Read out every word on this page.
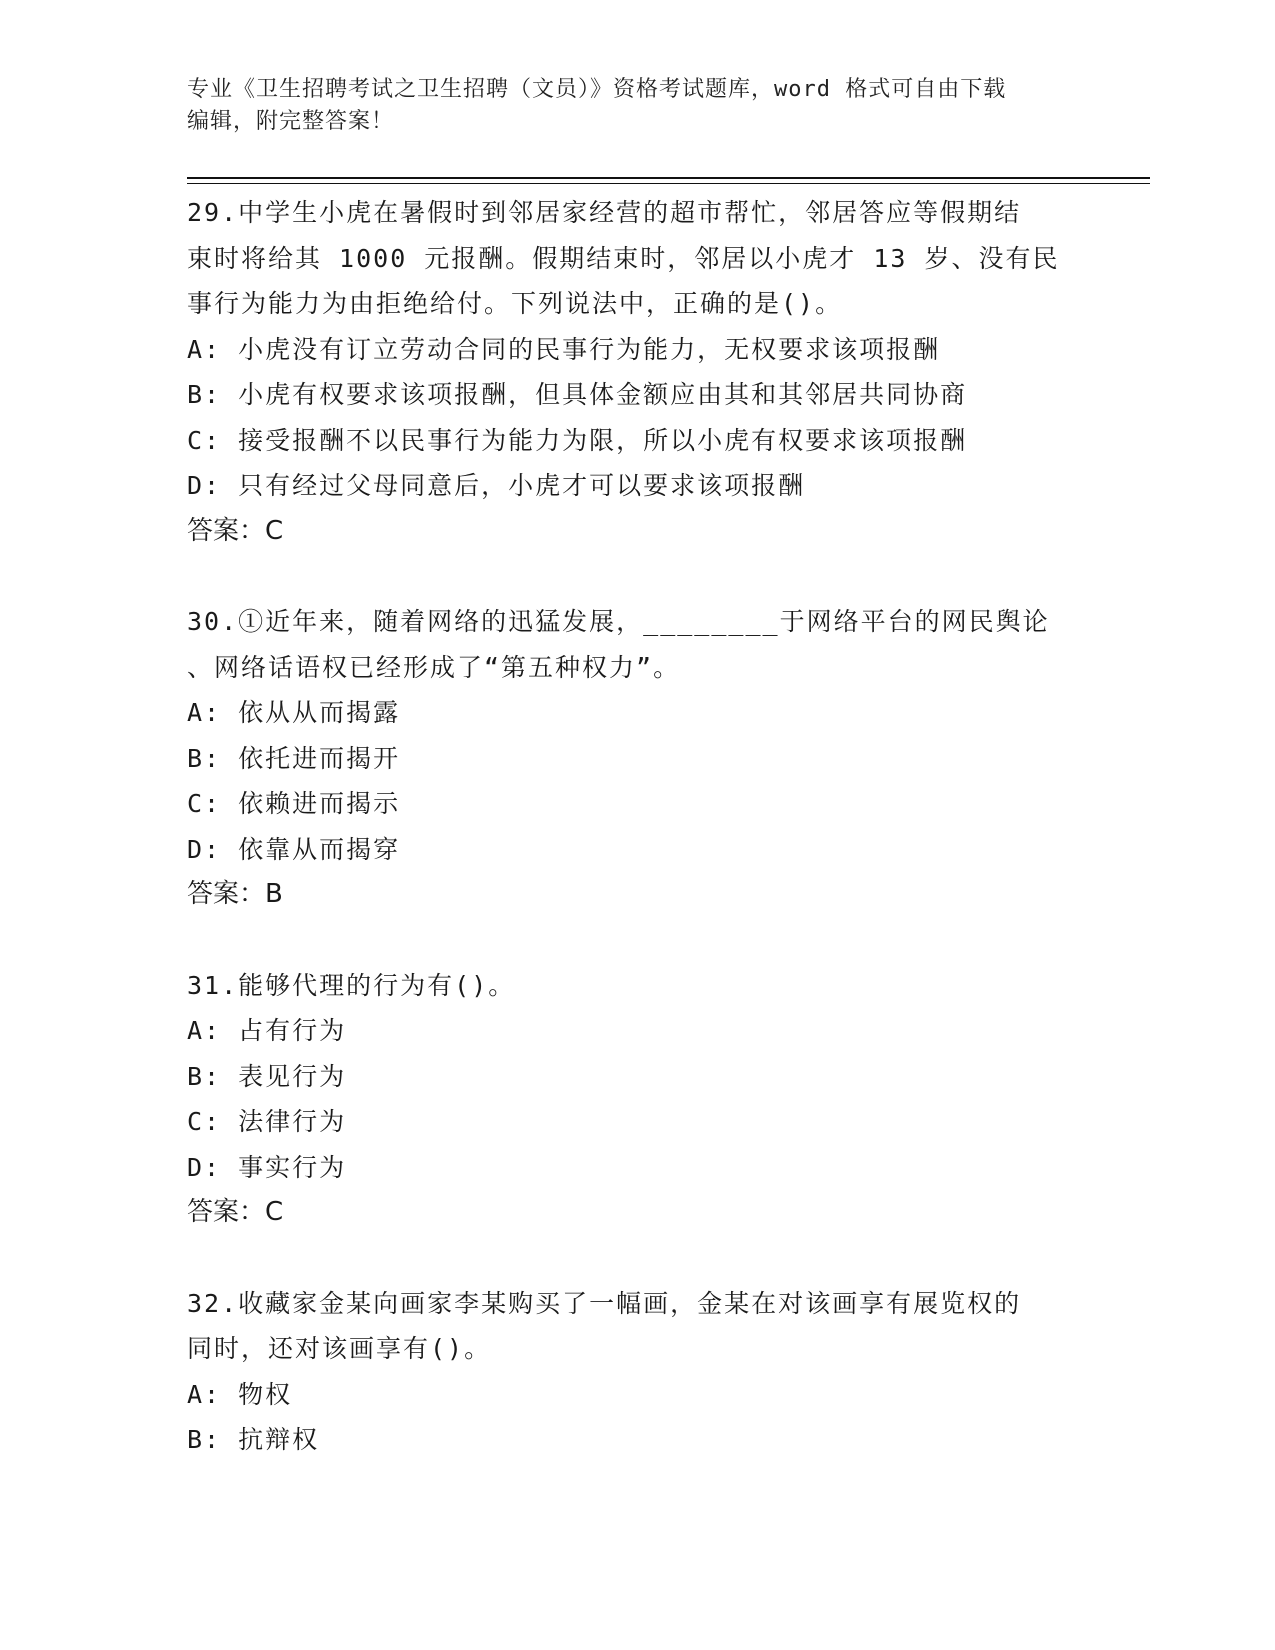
专业《卫生招聘考试之卫生招聘（文员）》资格考试题库，word 格式可自由下载
编辑，附完整答案！

29.中学生小虎在暑假时到邻居家经营的超市帮忙，邻居答应等假期结

束时将给其 1000 元报酬。假期结束时，邻居以小虎才 13 岁、没有民

事行为能力为由拒绝给付。下列说法中，正确的是()。

A: 小虎没有订立劳动合同的民事行为能力，无权要求该项报酬

B: 小虎有权要求该项报酬，但具体金额应由其和其邻居共同协商

C: 接受报酬不以民事行为能力为限，所以小虎有权要求该项报酬

D: 只有经过父母同意后，小虎才可以要求该项报酬

答案：C

30.①近年来，随着网络的迅猛发展，________于网络平台的网民舆论

、网络话语权已经形成了“第五种权力”。

A: 依从从而揭露

B: 依托进而揭开

C: 依赖进而揭示

D: 依靠从而揭穿

答案：B

31.能够代理的行为有()。

A: 占有行为

B: 表见行为

C: 法律行为

D: 事实行为

答案：C

32.收藏家金某向画家李某购买了一幅画，金某在对该画享有展览权的

同时，还对该画享有()。

A: 物权

B: 抗辩权
